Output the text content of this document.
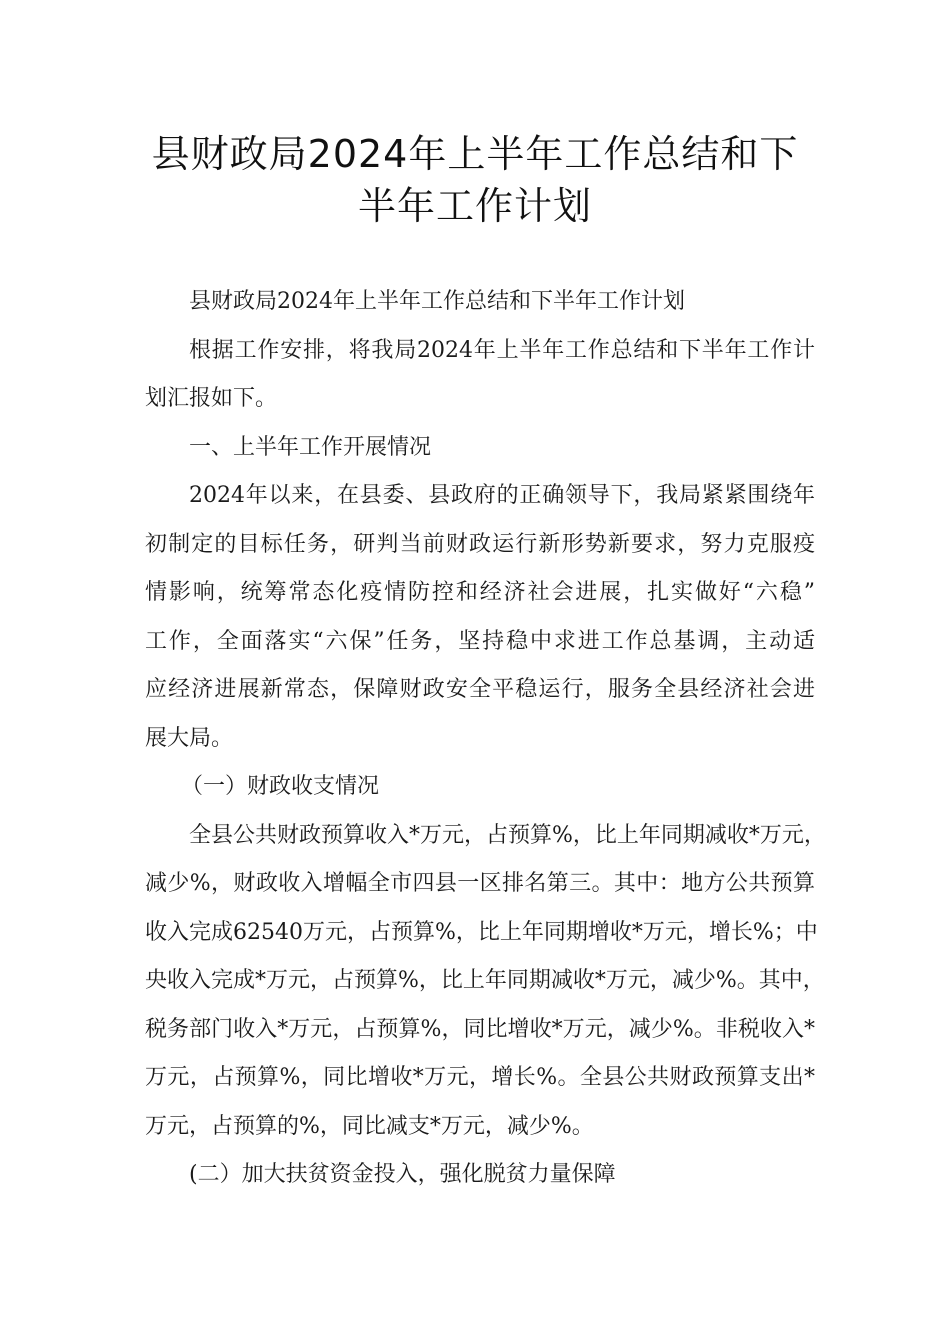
县财政局2024年上半年工作总结和下
半年工作计划

县财政局2024年上半年工作总结和下半年工作计划

根据工作安排，将我局2024年上半年工作总结和下半年工作计
划汇报如下。

一、上半年工作开展情况

2024年以来，在县委、县政府的正确领导下，我局紧紧围绕年
初制定的目标任务，研判当前财政运行新形势新要求，努力克服疫
情影响，统筹常态化疫情防控和经济社会进展，扎实做好“六稳”
工作，全面落实“六保”任务，坚持稳中求进工作总基调，主动适
应经济进展新常态，保障财政安全平稳运行，服务全县经济社会进
展大局。

（一）财政收支情况

全县公共财政预算收入*万元，占预算%，比上年同期减收*万元，
减少%，财政收入增幅全市四县一区排名第三。其中：地方公共预算
收入完成62540万元，占预算%，比上年同期增收*万元，增长%；中
央收入完成*万元，占预算%，比上年同期减收*万元，减少%。其中，
税务部门收入*万元，占预算%，同比增收*万元，减少%。非税收入*
万元，占预算%，同比增收*万元，增长%。全县公共财政预算支出*
万元，占预算的%，同比减支*万元，减少%。

(二）加大扶贫资金投入，强化脱贫力量保障
